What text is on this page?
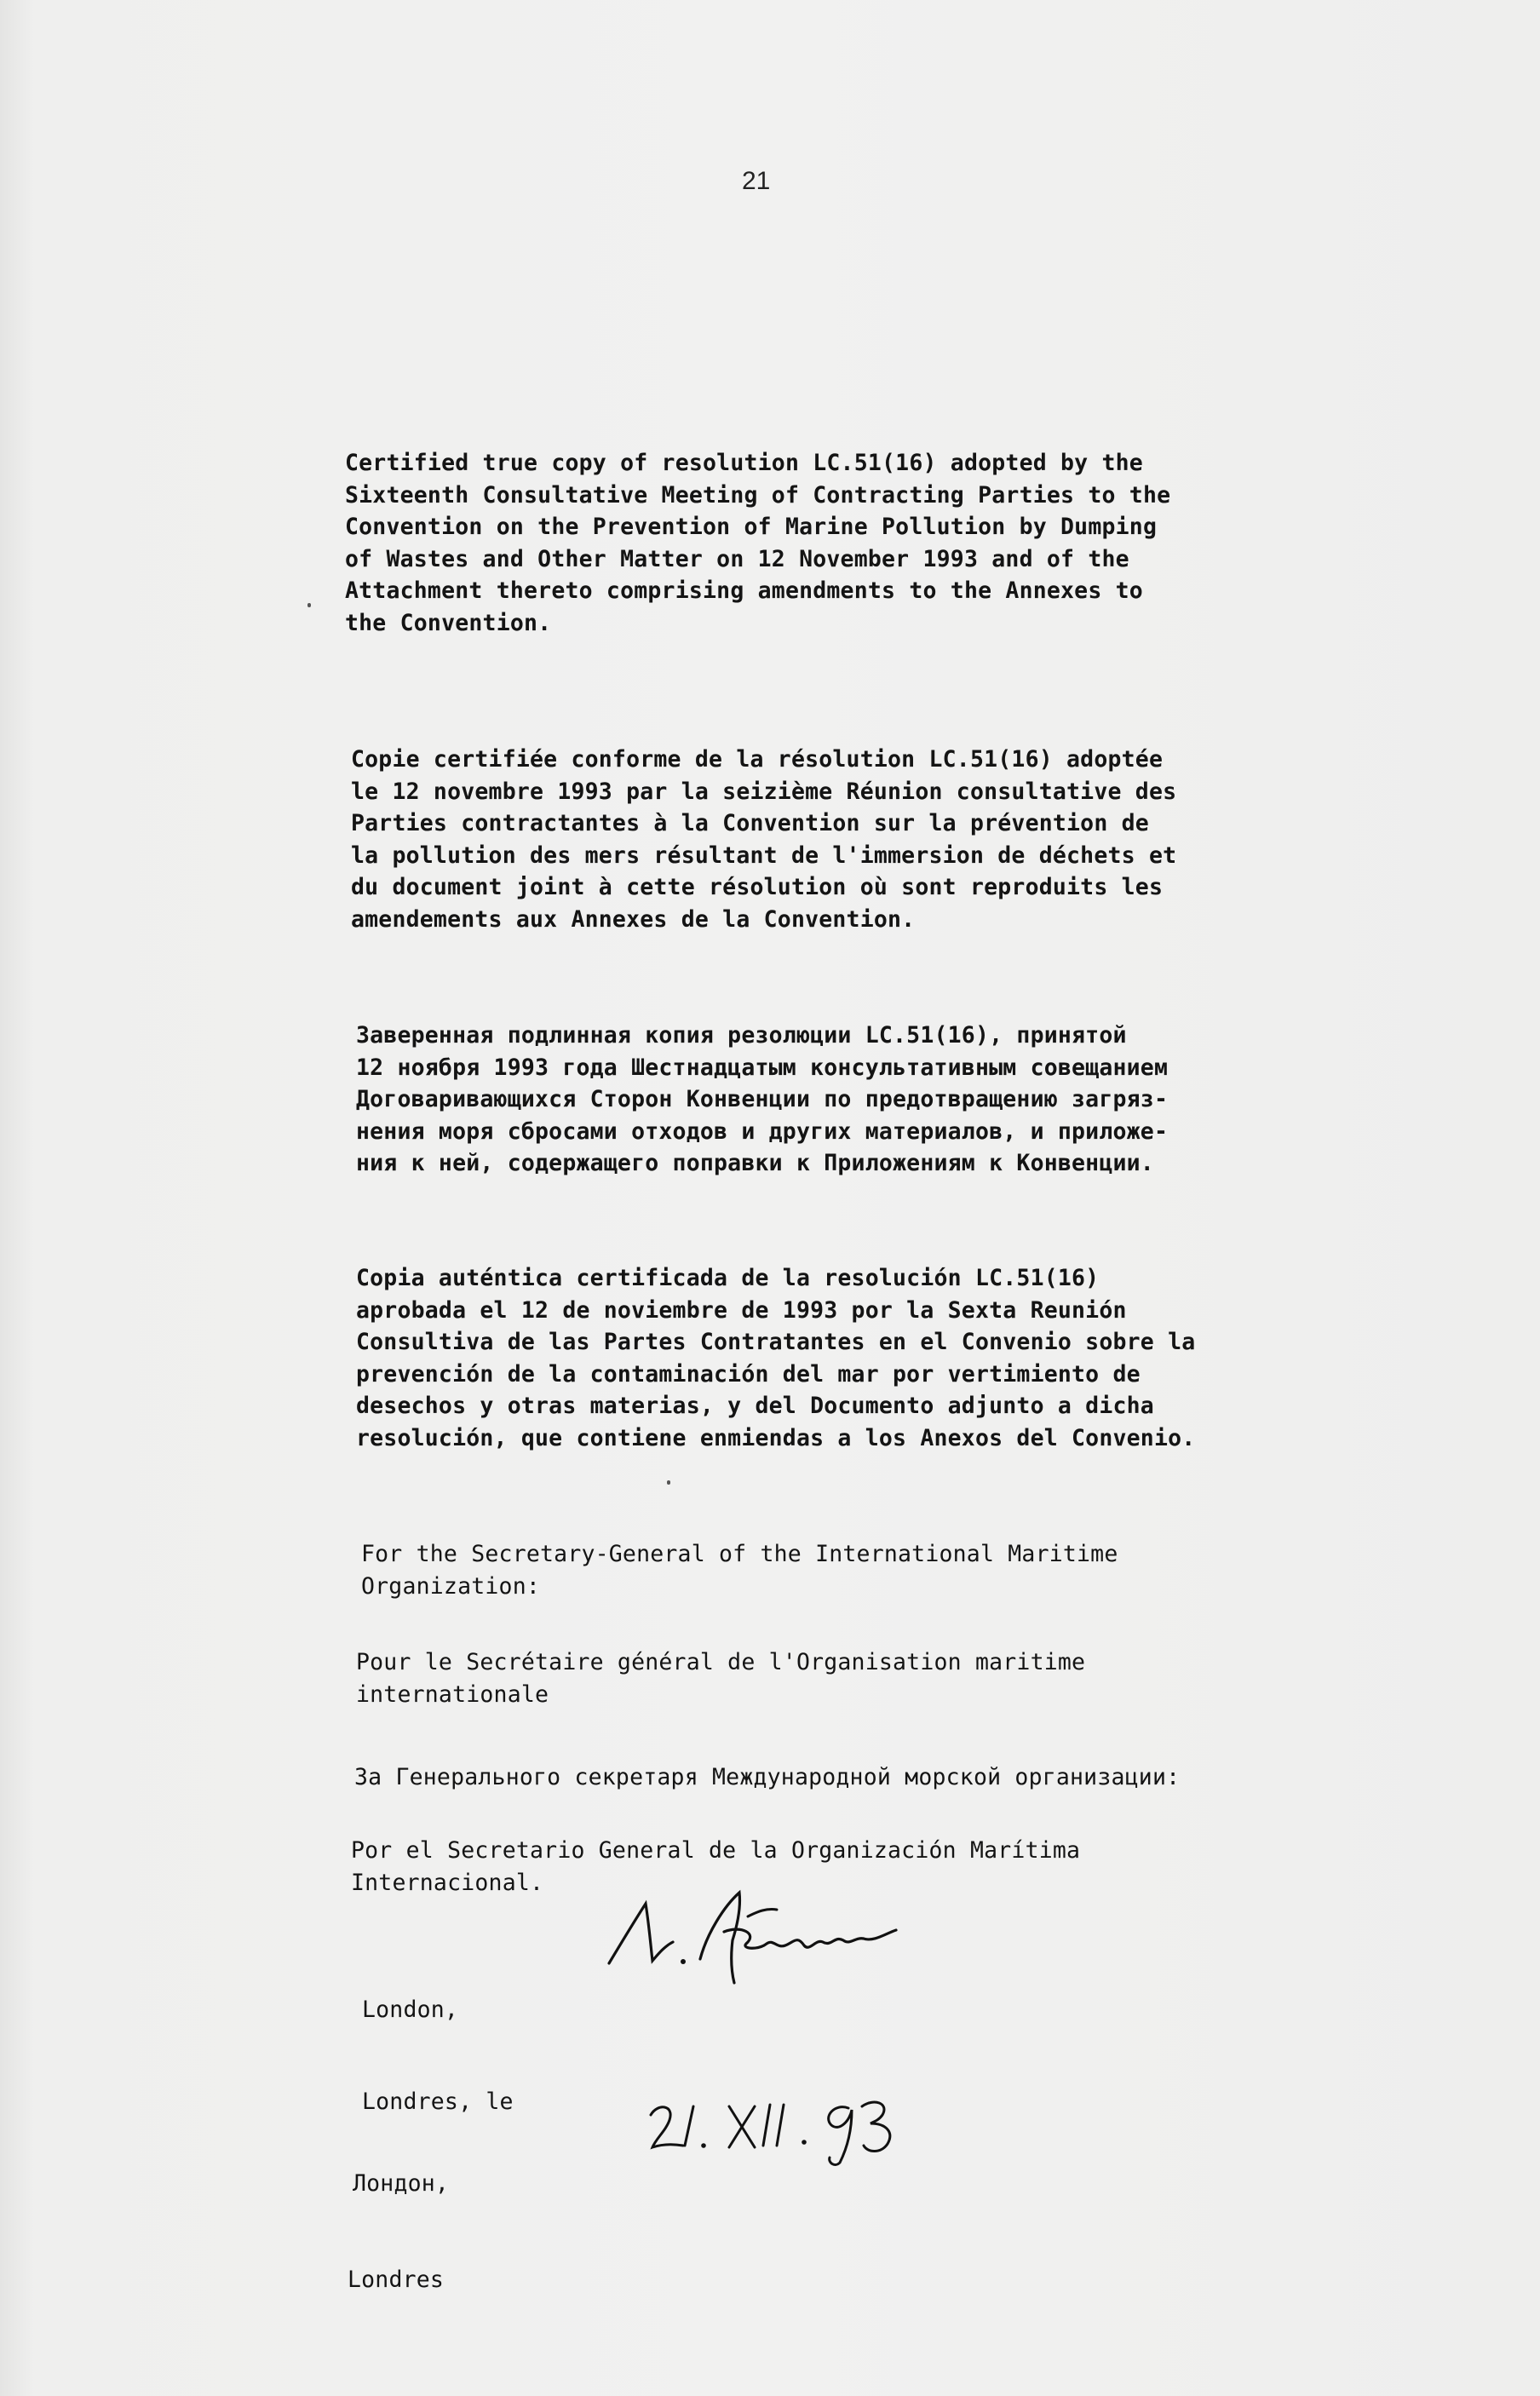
21
Certified true copy of resolution LC.51(16) adopted by the
Sixteenth Consultative Meeting of Contracting Parties to the
Convention on the Prevention of Marine Pollution by Dumping
of Wastes and Other Matter on 12 November 1993 and of the
Attachment thereto comprising amendments to the Annexes to
the Convention.
Copie certifiée conforme de la résolution LC.51(16) adoptée
le 12 novembre 1993 par la seizième Réunion consultative des
Parties contractantes à la Convention sur la prévention de
la pollution des mers résultant de l'immersion de déchets et
du document joint à cette résolution où sont reproduits les
amendements aux Annexes de la Convention.
Заверенная подлинная копия резолюции LC.51(16), принятой
12 ноября 1993 года Шестнадцатым консультативным совещанием
Договаривающихся Сторон Конвенции по предотвращению загряз-
нения моря сбросами отходов и других материалов, и приложе-
ния к ней, содержащего поправки к Приложениям к Конвенции.
Copia auténtica certificada de la resolución LC.51(16)
aprobada el 12 de noviembre de 1993 por la Sexta Reunión
Consultiva de las Partes Contratantes en el Convenio sobre la
prevención de la contaminación del mar por vertimiento de
desechos y otras materias, y del Documento adjunto a dicha
resolución, que contiene enmiendas a los Anexos del Convenio.
For the Secretary-General of the International Maritime
Organization:
Pour le Secrétaire général de l'Organisation maritime
internationale
За Генерального секретаря Международной морской организации:
Por el Secretario General de la Organización Marítima
Internacional.
London,
Londres, le
Лондон,
Londres
